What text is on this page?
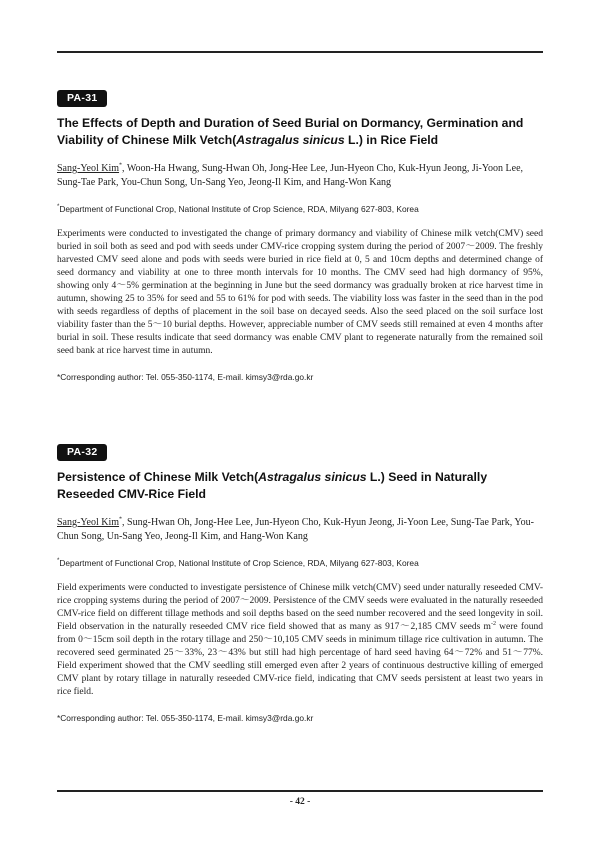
PA-31
The Effects of Depth and Duration of Seed Burial on Dormancy, Germination and Viability of Chinese Milk Vetch(Astragalus sinicus L.) in Rice Field
Sang-Yeol Kim*, Woon-Ha Hwang, Sung-Hwan Oh, Jong-Hee Lee, Jun-Hyeon Cho, Kuk-Hyun Jeong, Ji-Yoon Lee, Sung-Tae Park, You-Chun Song, Un-Sang Yeo, Jeong-Il Kim, and Hang-Won Kang
*Department of Functional Crop, National Institute of Crop Science, RDA, Milyang 627-803, Korea
Experiments were conducted to investigated the change of primary dormancy and viability of Chinese milk vetch(CMV) seed buried in soil both as seed and pod with seeds under CMV-rice cropping system during the period of 2007～2009. The freshly harvested CMV seed alone and pods with seeds were buried in rice field at 0, 5 and 10cm depths and determined change of seed dormancy and viability at one to three month intervals for 10 months. The CMV seed had high dormancy of 95%, showing only 4～5% germination at the beginning in June but the seed dormancy was gradually broken at rice harvest time in autumn, showing 25 to 35% for seed and 55 to 61% for pod with seeds. The viability loss was faster in the seed than in the pod with seeds regardless of depths of placement in the soil base on decayed seeds. Also the seed placed on the soil surface lost viability faster than the 5～10 burial depths. However, appreciable number of CMV seeds still remained at even 4 months after burial in soil. These results indicate that seed dormancy was enable CMV plant to regenerate naturally from the remained soil seed bank at rice harvest time in autumn.
*Corresponding author: Tel. 055-350-1174, E-mail. kimsy3@rda.go.kr
PA-32
Persistence of Chinese Milk Vetch(Astragalus sinicus L.) Seed in Naturally Reseeded CMV-Rice Field
Sang-Yeol Kim*, Sung-Hwan Oh, Jong-Hee Lee, Jun-Hyeon Cho, Kuk-Hyun Jeong, Ji-Yoon Lee, Sung-Tae Park, You-Chun Song, Un-Sang Yeo, Jeong-Il Kim, and Hang-Won Kang
*Department of Functional Crop, National Institute of Crop Science, RDA, Milyang 627-803, Korea
Field experiments were conducted to investigate persistence of Chinese milk vetch(CMV) seed under naturally reseeded CMV-rice cropping systems during the period of 2007～2009. Persistence of the CMV seeds were evaluated in the naturally reseeded CMV-rice field on different tillage methods and soil depths based on the seed number recovered and the seed longevity in soil. Field observation in the naturally reseeded CMV rice field showed that as many as 917～2,185 CMV seeds $m^{-2}$ were found from 0～15cm soil depth in the rotary tillage and 250～10,105 CMV seeds in minimum tillage rice cultivation in autumn. The recovered seed germinated 25～33%, 23～43% but still had high percentage of hard seed having 64～72% and 51～77%. Field experiment showed that the CMV seedling still emerged even after 2 years of continuous destructive killing of emerged CMV plant by rotary tillage in naturally reseeded CMV-rice field, indicating that CMV seeds persistent at least two years in rice field.
*Corresponding author: Tel. 055-350-1174, E-mail. kimsy3@rda.go.kr
- 42 -
